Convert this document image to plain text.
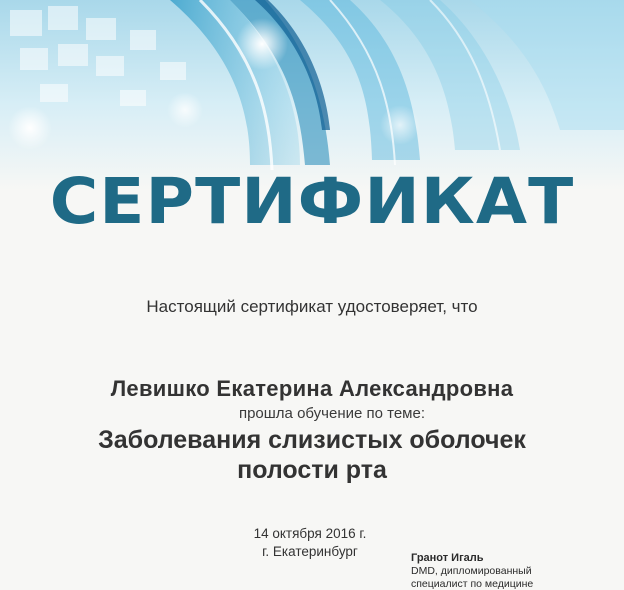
СЕРТИФИКАТ
Настоящий сертификат удостоверяет, что
Левишко Екатерина Александровна
прошла обучение по теме:
Заболевания слизистых оболочек
полости рта
14 октября 2016 г.
г. Екатеринбург	Гранот Игаль
DMD, дипломированный
специалист по медицине
